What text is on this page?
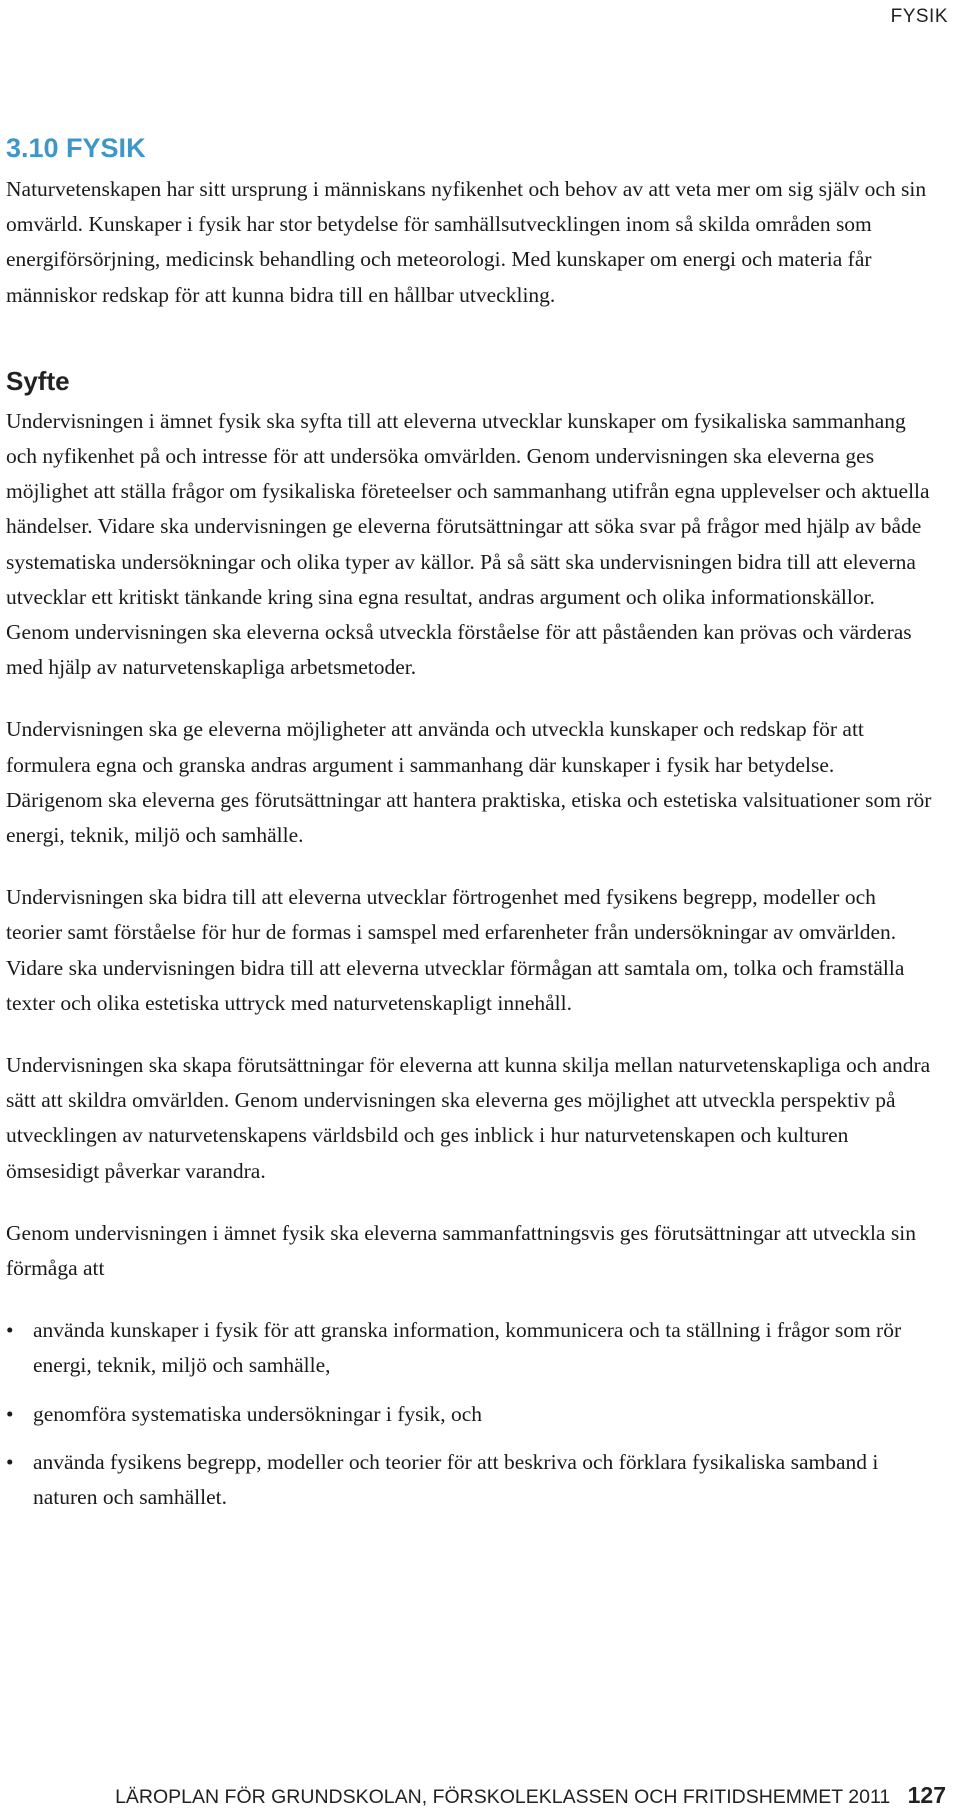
FYSIK
3.10 FYSIK

Naturvetenskapen har sitt ursprung i människans nyfikenhet och behov av att veta mer om sig själv och sin omvärld. Kunskaper i fysik har stor betydelse för samhällsutvecklingen inom så skilda områden som energiförsörjning, medicinsk behandling och meteorologi. Med kunskaper om energi och materia får människor redskap för att kunna bidra till en hållbar utveckling.

Syfte

Undervisningen i ämnet fysik ska syfta till att eleverna utvecklar kunskaper om fysikaliska sammanhang och nyfikenhet på och intresse för att undersöka omvärlden. Genom undervisningen ska eleverna ges möjlighet att ställa frågor om fysikaliska företeelser och sammanhang utifrån egna upplevelser och aktuella händelser. Vidare ska undervisningen ge eleverna förutsättningar att söka svar på frågor med hjälp av både systematiska undersökningar och olika typer av källor. På så sätt ska undervisningen bidra till att eleverna utvecklar ett kritiskt tänkande kring sina egna resultat, andras argument och olika informationskällor. Genom undervisningen ska eleverna också utveckla förståelse för att påståenden kan prövas och värderas med hjälp av naturvetenskapliga arbetsmetoder.

Undervisningen ska ge eleverna möjligheter att använda och utveckla kunskaper och redskap för att formulera egna och granska andras argument i sammanhang där kunskaper i fysik har betydelse. Därigenom ska eleverna ges förutsättningar att hantera praktiska, etiska och estetiska valsituationer som rör energi, teknik, miljö och samhälle.

Undervisningen ska bidra till att eleverna utvecklar förtrogenhet med fysikens begrepp, modeller och teorier samt förståelse för hur de formas i samspel med erfarenheter från undersökningar av omvärlden. Vidare ska undervisningen bidra till att eleverna utvecklar förmågan att samtala om, tolka och framställa texter och olika estetiska uttryck med naturvetenskapligt innehåll.

Undervisningen ska skapa förutsättningar för eleverna att kunna skilja mellan naturvetenskapliga och andra sätt att skildra omvärlden. Genom undervisningen ska eleverna ges möjlighet att utveckla perspektiv på utvecklingen av naturvetenskapens världsbild och ges inblick i hur naturvetenskapen och kulturen ömsesidigt påverkar varandra.

Genom undervisningen i ämnet fysik ska eleverna sammanfattningsvis ges förutsättningar att utveckla sin förmåga att

• använda kunskaper i fysik för att granska information, kommunicera och ta ställning i frågor som rör energi, teknik, miljö och samhälle,
• genomföra systematiska undersökningar i fysik, och
• använda fysikens begrepp, modeller och teorier för att beskriva och förklara fysikaliska samband i naturen och samhället.
LÄROPLAN FÖR GRUNDSKOLAN, FÖRSKOLEKLASSEN OCH FRITIDSHEMMET 2011 127
